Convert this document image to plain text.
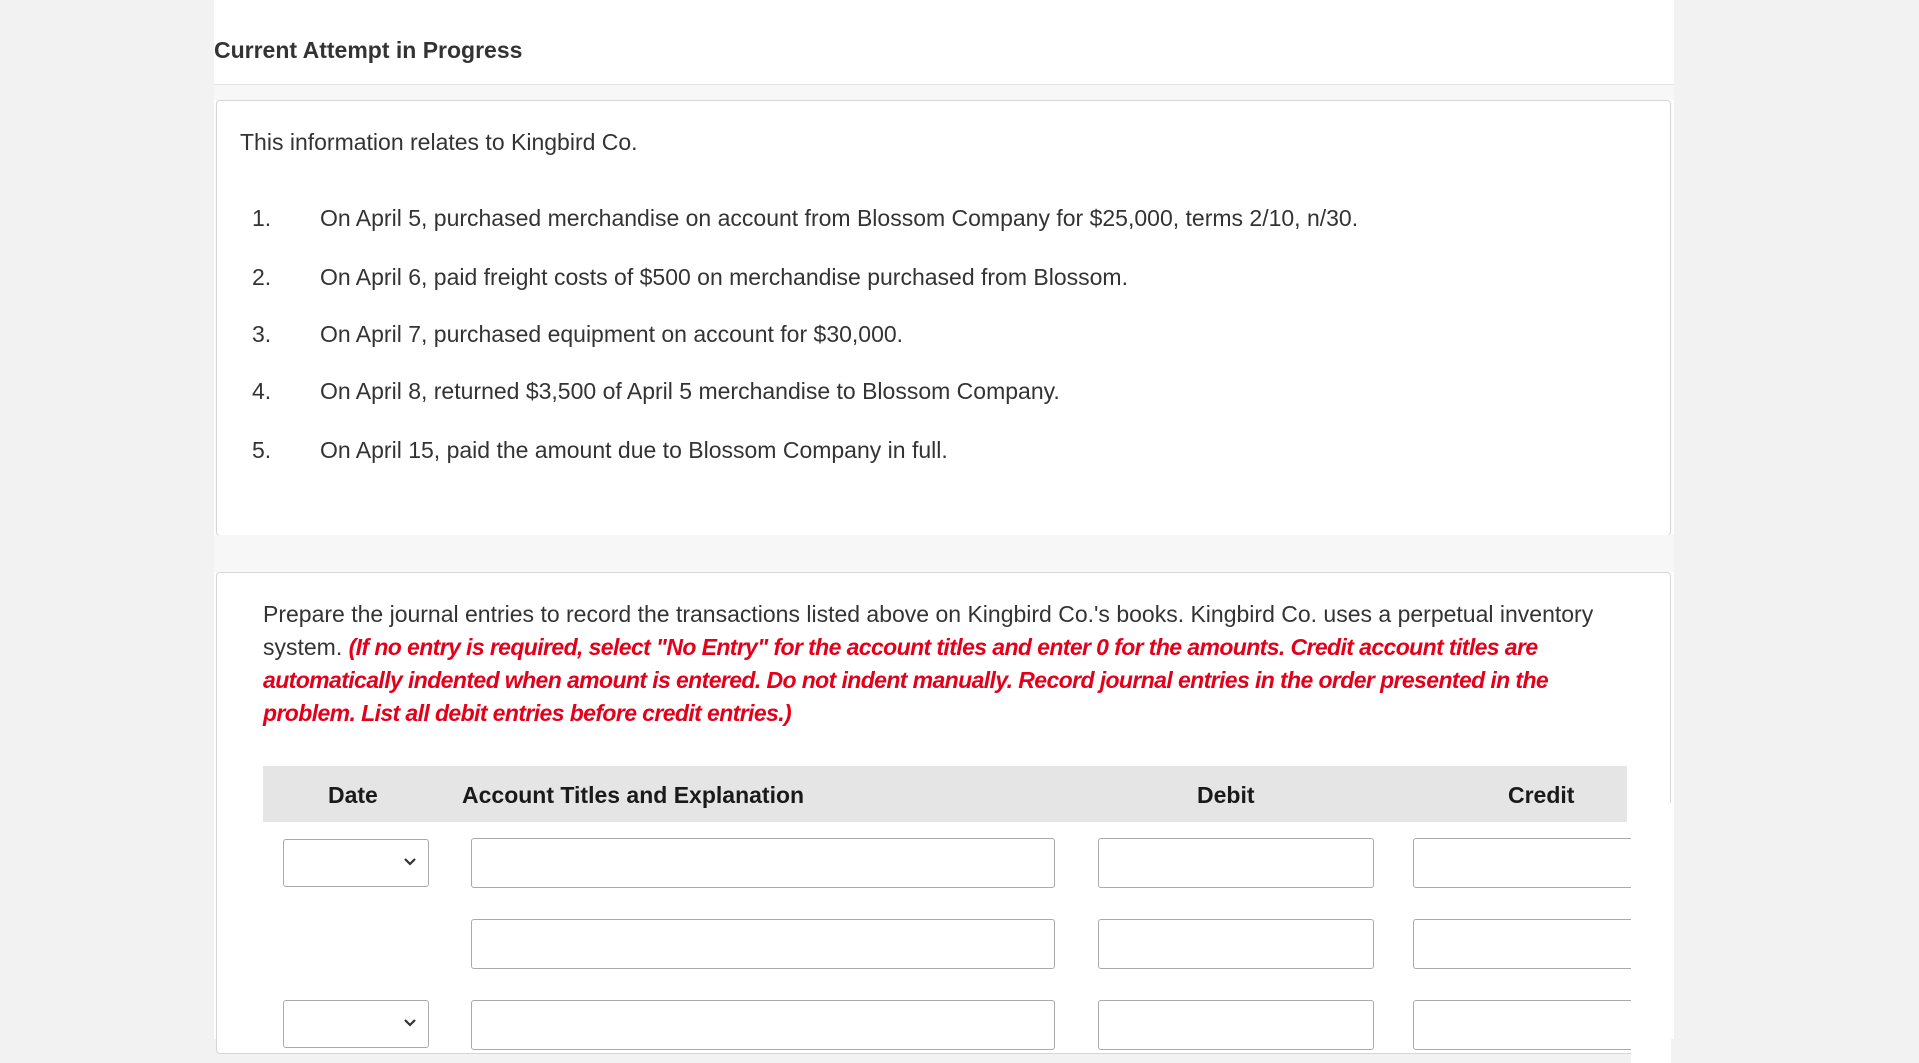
Current Attempt in Progress
This information relates to Kingbird Co.
1. On April 5, purchased merchandise on account from Blossom Company for $25,000, terms 2/10, n/30.
2. On April 6, paid freight costs of $500 on merchandise purchased from Blossom.
3. On April 7, purchased equipment on account for $30,000.
4. On April 8, returned $3,500 of April 5 merchandise to Blossom Company.
5. On April 15, paid the amount due to Blossom Company in full.
Prepare the journal entries to record the transactions listed above on Kingbird Co.'s books. Kingbird Co. uses a perpetual inventory system. (If no entry is required, select "No Entry" for the account titles and enter 0 for the amounts. Credit account titles are automatically indented when amount is entered. Do not indent manually. Record journal entries in the order presented in the problem. List all debit entries before credit entries.)
Date	Account Titles and Explanation	Debit	Credit
